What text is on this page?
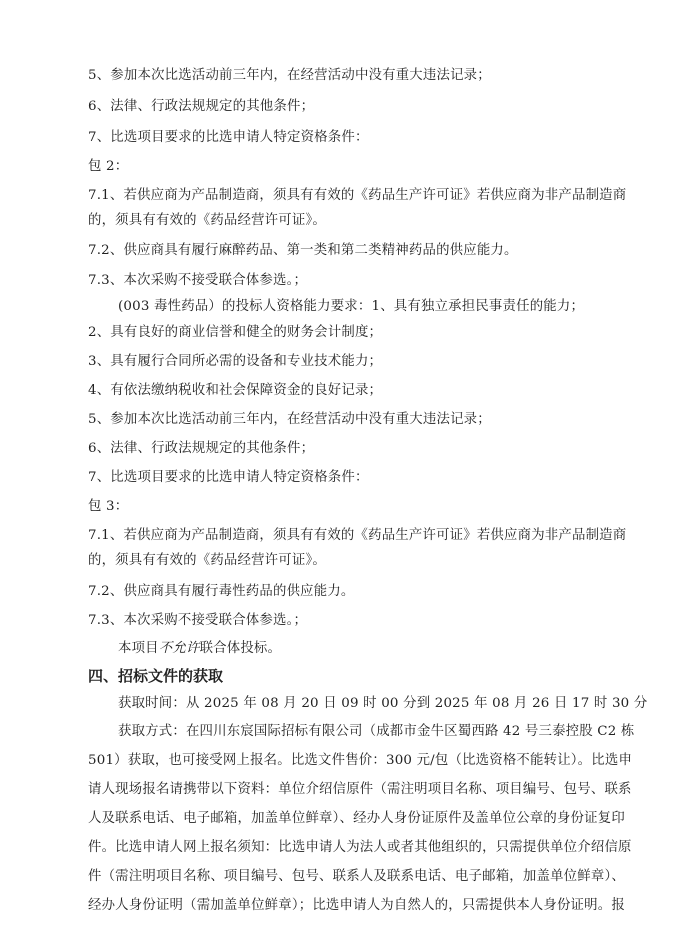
5、参加本次比选活动前三年内，在经营活动中没有重大违法记录；
6、法律、行政法规规定的其他条件；
7、比选项目要求的比选申请人特定资格条件：
包 2：
7.1、若供应商为产品制造商，须具有有效的《药品生产许可证》若供应商为非产品制造商
的，须具有有效的《药品经营许可证》。
7.2、供应商具有履行麻醉药品、第一类和第二类精神药品的供应能力。
7.3、本次采购不接受联合体参选。；
(003 毒性药品）的投标人资格能力要求：1、具有独立承担民事责任的能力；
2、具有良好的商业信誉和健全的财务会计制度；
3、具有履行合同所必需的设备和专业技术能力；
4、有依法缴纳税收和社会保障资金的良好记录；
5、参加本次比选活动前三年内，在经营活动中没有重大违法记录；
6、法律、行政法规规定的其他条件；
7、比选项目要求的比选申请人特定资格条件：
包 3：
7.1、若供应商为产品制造商，须具有有效的《药品生产许可证》若供应商为非产品制造商
的，须具有有效的《药品经营许可证》。
7.2、供应商具有履行毒性药品的供应能力。
7.3、本次采购不接受联合体参选。；
本项目不允许联合体投标。
四、招标文件的获取
获取时间：从 2025 年 08 月 20 日 09 时 00 分到 2025 年 08 月 26 日 17 时 30 分
获取方式：在四川东宸国际招标有限公司（成都市金牛区蜀西路 42 号三泰控股 C2 栋
501）获取，也可接受网上报名。比选文件售价：300 元/包（比选资格不能转让）。比选申
请人现场报名请携带以下资料：单位介绍信原件（需注明项目名称、项目编号、包号、联系
人及联系电话、电子邮箱，加盖单位鲜章）、经办人身份证原件及盖单位公章的身份证复印
件。比选申请人网上报名须知：比选申请人为法人或者其他组织的，只需提供单位介绍信原
件（需注明项目名称、项目编号、包号、联系人及联系电话、电子邮箱，加盖单位鲜章）、
经办人身份证明（需加盖单位鲜章）；比选申请人为自然人的，只需提供本人身份证明。报
